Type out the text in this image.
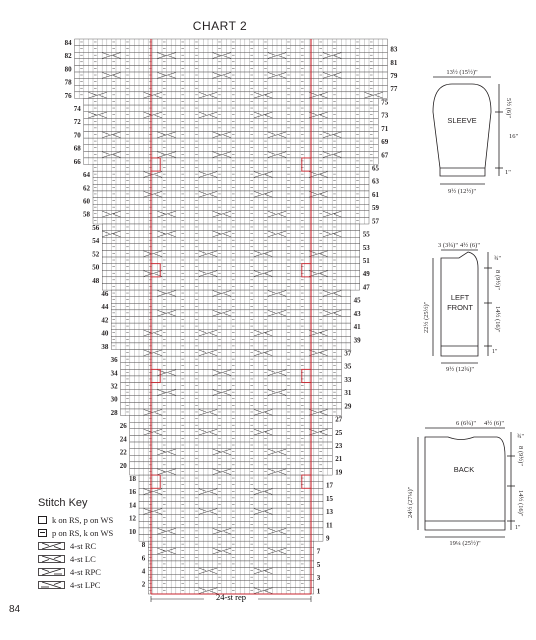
CHART 2
84
83
82
81
80
79
78
77
76
75
74
73
72
71
70
69
68
67
66
65
64
63
62
61
60
59
58
57
56
55
54
53
52
51
50
49
48
47
46
45
44
43
42
41
40
39
38
37
36
35
34
33
32
31
30
29
28
27
26
25
24
23
22
21
20
19
18
17
16
15
14
13
12
11
10
9
8
7
6
5
4
3
2
1
24-st rep
SLEEVE
13½ (15½)"
9½ (12½)"
5½ (6)"
16"
1"
LEFT
FRONT
3 (3¾)" 4½ (6)"
¾"
8 (9½)"
14½ (16)"
1"
22½ (25½)"
9½ (12¾)"
BACK
6 (6¾)" 4½ (6)"
¾"
8 (9½)"
14½ (16)"
1"
24½ (27¼)"
19¼ (25½)"
Stitch Key
k on RS, p on WS
p on RS, k on WS
4-st RC
4-st LC
4-st RPC
4-st LPC
84
